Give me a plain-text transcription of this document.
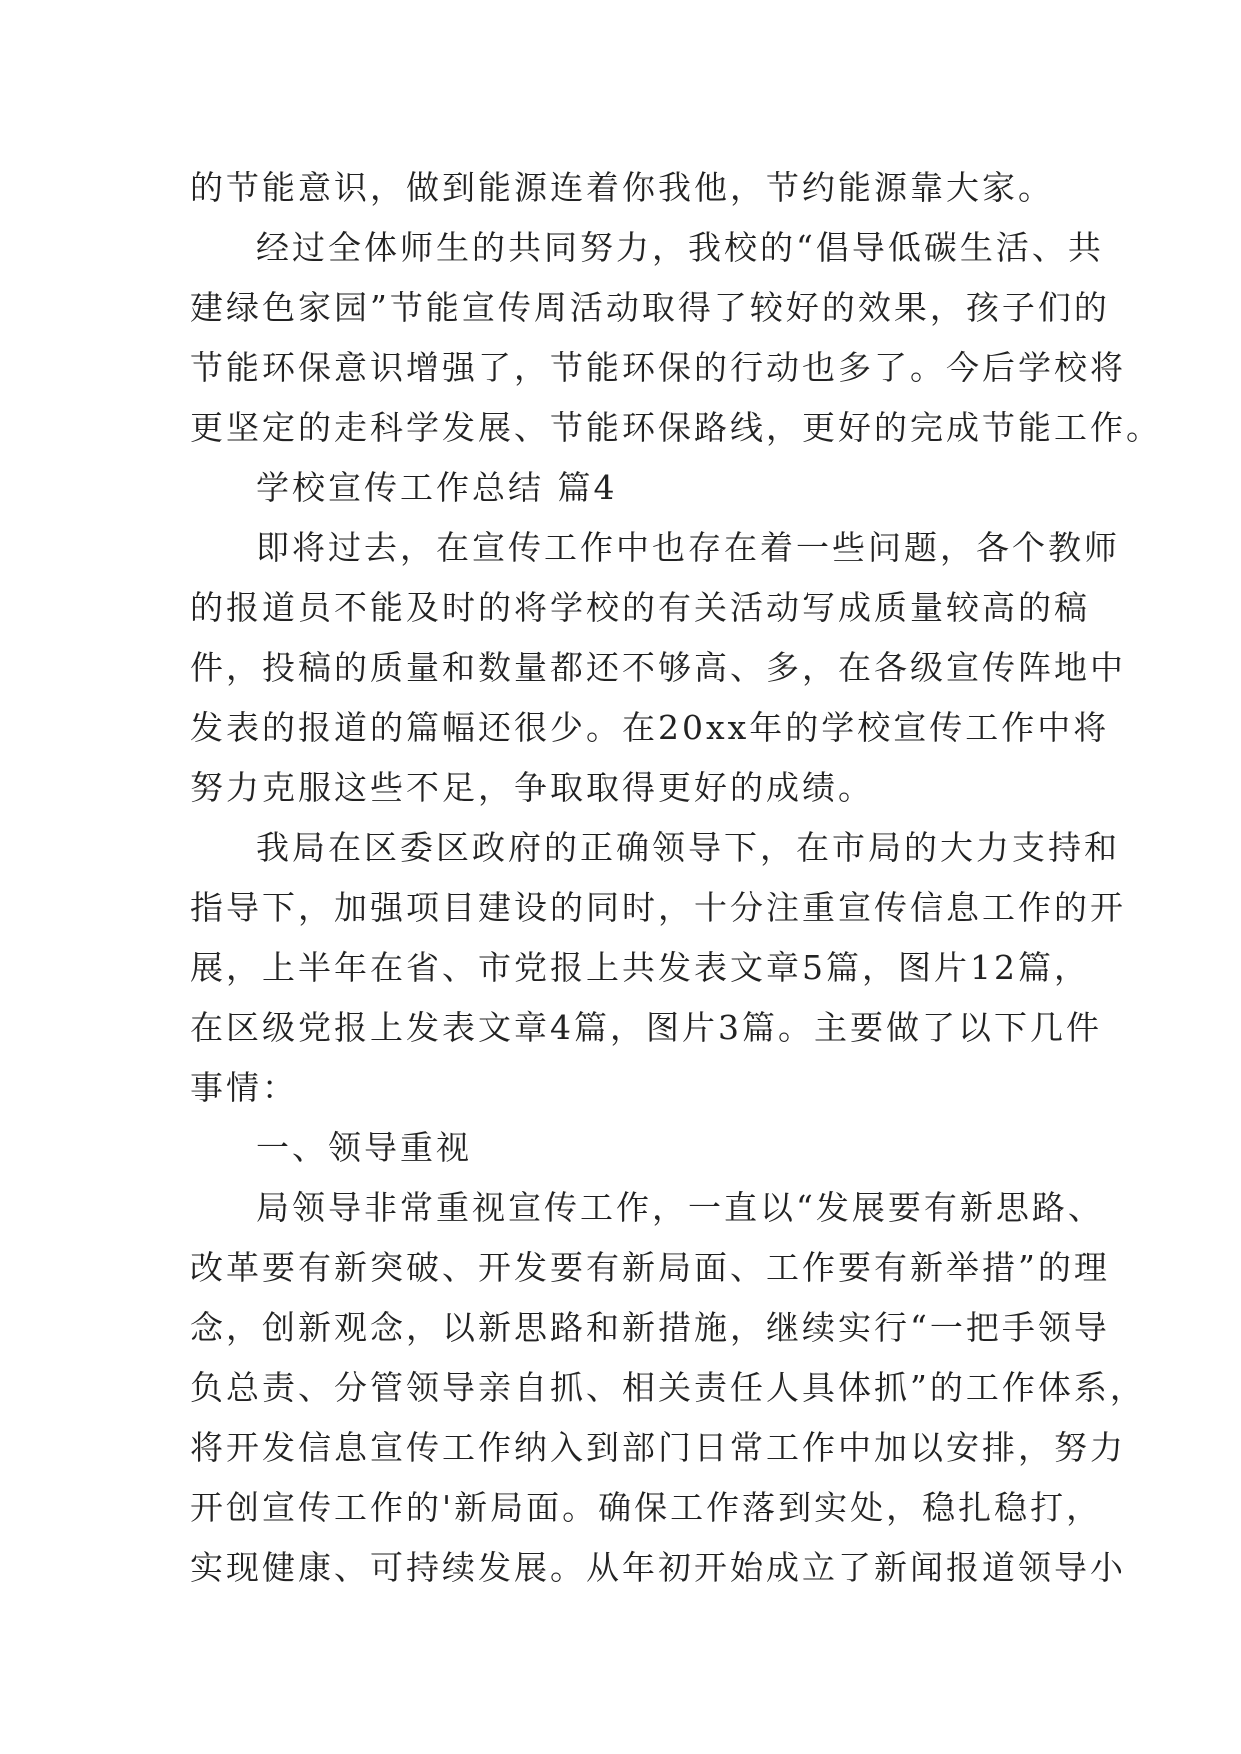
的节能意识，做到能源连着你我他，节约能源靠大家。
经过全体师生的共同努力，我校的“倡导低碳生活、共
建绿色家园”节能宣传周活动取得了较好的效果，孩子们的
节能环保意识增强了，节能环保的行动也多了。今后学校将
更坚定的走科学发展、节能环保路线，更好的完成节能工作。
学校宣传工作总结 篇4
即将过去，在宣传工作中也存在着一些问题，各个教师
的报道员不能及时的将学校的有关活动写成质量较高的稿
件，投稿的质量和数量都还不够高、多，在各级宣传阵地中
发表的报道的篇幅还很少。在20xx年的学校宣传工作中将
努力克服这些不足，争取取得更好的成绩。
我局在区委区政府的正确领导下，在市局的大力支持和
指导下，加强项目建设的同时，十分注重宣传信息工作的开
展，上半年在省、市党报上共发表文章5篇，图片12篇，
在区级党报上发表文章4篇，图片3篇。主要做了以下几件
事情：
一、领导重视
局领导非常重视宣传工作，一直以“发展要有新思路、
改革要有新突破、开发要有新局面、工作要有新举措”的理
念，创新观念，以新思路和新措施，继续实行“一把手领导
负总责、分管领导亲自抓、相关责任人具体抓”的工作体系，
将开发信息宣传工作纳入到部门日常工作中加以安排，努力
开创宣传工作的'新局面。确保工作落到实处，稳扎稳打，
实现健康、可持续发展。从年初开始成立了新闻报道领导小
